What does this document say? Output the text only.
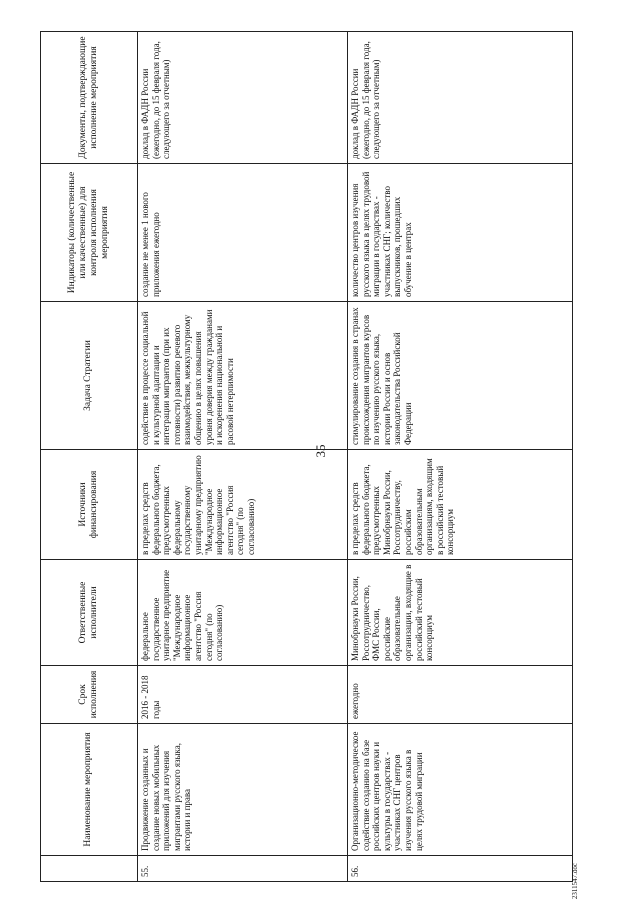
35
2311547.doc
	Наименование мероприятия	Срок исполнения	Ответственные исполнители	Источники финансирования	Задача Стратегии	Индикаторы (количественные или качественные) для контроля исполнения мероприятия	Документы, подтверждающие исполнение мероприятия
55.	Продвижение созданных и создание новых мобильных приложений для изучения мигрантами русского языка, истории и права	2016 - 2018 годы	федеральное государственное унитарное предприятие "Международное информационное агентство "Россия сегодня" (по согласованию)	в пределах средств федерального бюджета, предусмотренных федеральному государственному унитарному предприятию "Международное информационное агентство "Россия сегодня" (по согласованию)	содействие в процессе социальной и культурной адаптации и интеграции мигрантов (при их готовности) развитию речевого взаимодействия, межкультурному общению в целях повышения уровня доверия между гражданами и искоренения национальной и расовой нетерпимости	создание не менее 1 нового приложения ежегодно	доклад в ФАДН России (ежегодно, до 15 февраля года, следующего за отчетным)
56.	Организационно-методическое содействие созданию на базе российских центров науки и культуры в государствах - участниках СНГ центров изучения русского языка в целях трудовой миграции	ежегодно	Минобрнауки России, Россотрудничество, ФМС России, российские образовательные организации, входящие в российский тестовый консорциум	в пределах средств федерального бюджета, предусмотренных Минобрнауки России, Россотрудничеству, российским образовательным организациям, входящим в российский тестовый консорциум	стимулирование создания в странах происхождения мигрантов курсов по изучению русского языка, истории России и основ законодательства Российской Федерации	количество центров изучения русского языка в целях трудовой миграции в государствах - участниках СНГ; количество выпускников, прошедших обучение в центрах	доклад в ФАДН России (ежегодно, до 15 февраля года, следующего за отчетным)
